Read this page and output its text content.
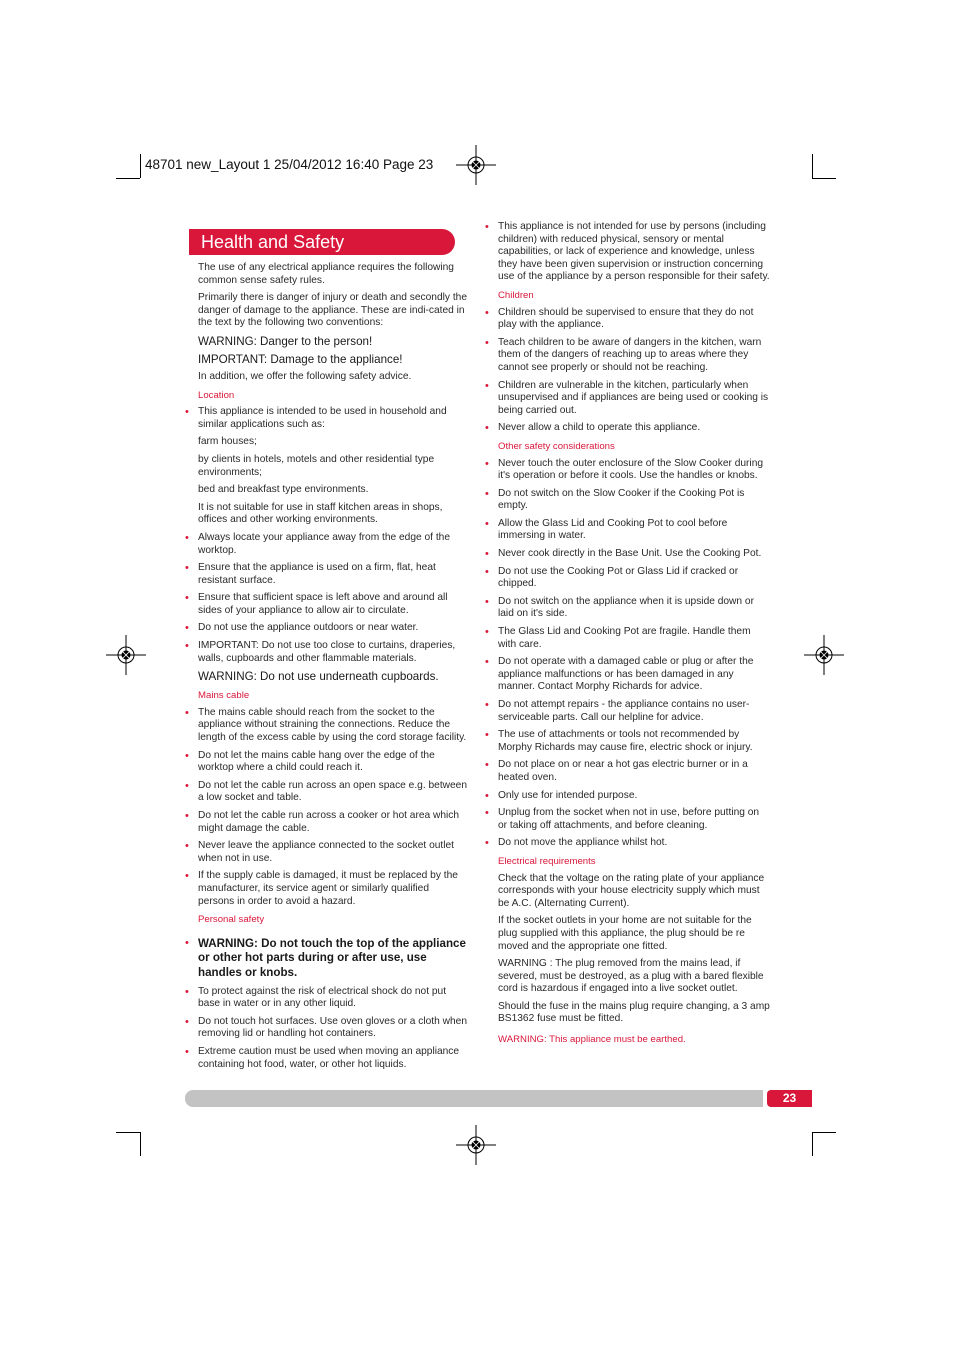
48701 new_Layout 1 25/04/2012 16:40 Page 23
Health and Safety

The use of any electrical appliance requires the following common sense safety rules.

Primarily there is danger of injury or death and secondly the danger of damage to the appliance. These are indi-cated in the text by the following two conventions:

WARNING: Danger to the person!

IMPORTANT: Damage to the appliance!

In addition, we offer the following safety advice.

Location

• This appliance is intended to be used in household and similar applications such as:

farm houses;

by clients in hotels, motels and other residential type environments;

bed and breakfast type environments.

It is not suitable for use in staff kitchen areas in shops, offices and other working environments.

• Always locate your appliance away from the edge of the worktop.
• Ensure that the appliance is used on a firm, flat, heat resistant surface.
• Ensure that sufficient space is left above and around all sides of your appliance to allow air to circulate.
• Do not use the appliance outdoors or near water.
• IMPORTANT: Do not use too close to curtains, draperies, walls, cupboards and other flammable materials.

WARNING: Do not use underneath cupboards.

Mains cable

• The mains cable should reach from the socket to the appliance without straining the connections. Reduce the length of the excess cable by using the cord storage facility.
• Do not let the mains cable hang over the edge of the worktop where a child could reach it.
• Do not let the cable run across an open space e.g. between a low socket and table.
• Do not let the cable run across a cooker or hot area which might damage the cable.
• Never leave the appliance connected to the socket outlet when not in use.
• If the supply cable is damaged, it must be replaced by the manufacturer, its service agent or similarly qualified persons in order to avoid a hazard.

Personal safety

• WARNING: Do not touch the top of the appliance or other hot parts during or after use, use handles or knobs.
• To protect against the risk of electrical shock do not put base in water or in any other liquid.
• Do not touch hot surfaces. Use oven gloves or a cloth when removing lid or handling hot containers.
• Extreme caution must be used when moving an appliance containing hot food, water, or other hot liquids.
• This appliance is not intended for use by persons (including children) with reduced physical, sensory or mental capabilities, or lack of experience and knowledge, unless they have been given supervision or instruction concerning use of the appliance by a person responsible for their safety.

Children

• Children should be supervised to ensure that they do not play with the appliance.
• Teach children to be aware of dangers in the kitchen, warn them of the dangers of reaching up to areas where they cannot see properly or should not be reaching.
• Children are vulnerable in the kitchen, particularly when unsupervised and if appliances are being used or cooking is being carried out.
• Never allow a child to operate this appliance.

Other safety considerations

• Never touch the outer enclosure of the Slow Cooker during it's operation or before it cools. Use the handles or knobs.
• Do not switch on the Slow Cooker if the Cooking Pot is empty.
• Allow the Glass Lid and Cooking Pot to cool before immersing in water.
• Never cook directly in the Base Unit. Use the Cooking Pot.
• Do not use the Cooking Pot or Glass Lid if cracked or chipped.
• Do not switch on the appliance when it is upside down or laid on it's side.
• The Glass Lid and Cooking Pot are fragile. Handle them with care.
• Do not operate with a damaged cable or plug or after the appliance malfunctions or has been damaged in any manner. Contact Morphy Richards for advice.
• Do not attempt repairs - the appliance contains no user-serviceable parts. Call our helpline for advice.
• The use of attachments or tools not recommended by Morphy Richards may cause fire, electric shock or injury.
• Do not place on or near a hot gas electric burner or in a heated oven.
• Only use for intended purpose.
• Unplug from the socket when not in use, before putting on or taking off attachments, and before cleaning.
• Do not move the appliance whilst hot.

Electrical requirements

Check that the voltage on the rating plate of your appliance corresponds with your house electricity supply which must be A.C. (Alternating Current).

If the socket outlets in your home are not suitable for the plug supplied with this appliance, the plug should be re moved and the appropriate one fitted.

WARNING : The plug removed from the mains lead, if severed, must be destroyed, as a plug with a bared flexible cord is hazardous if engaged into a live socket outlet.

Should the fuse in the mains plug require changing, a 3 amp BS1362 fuse must be fitted.

WARNING: This appliance must be earthed.

23
